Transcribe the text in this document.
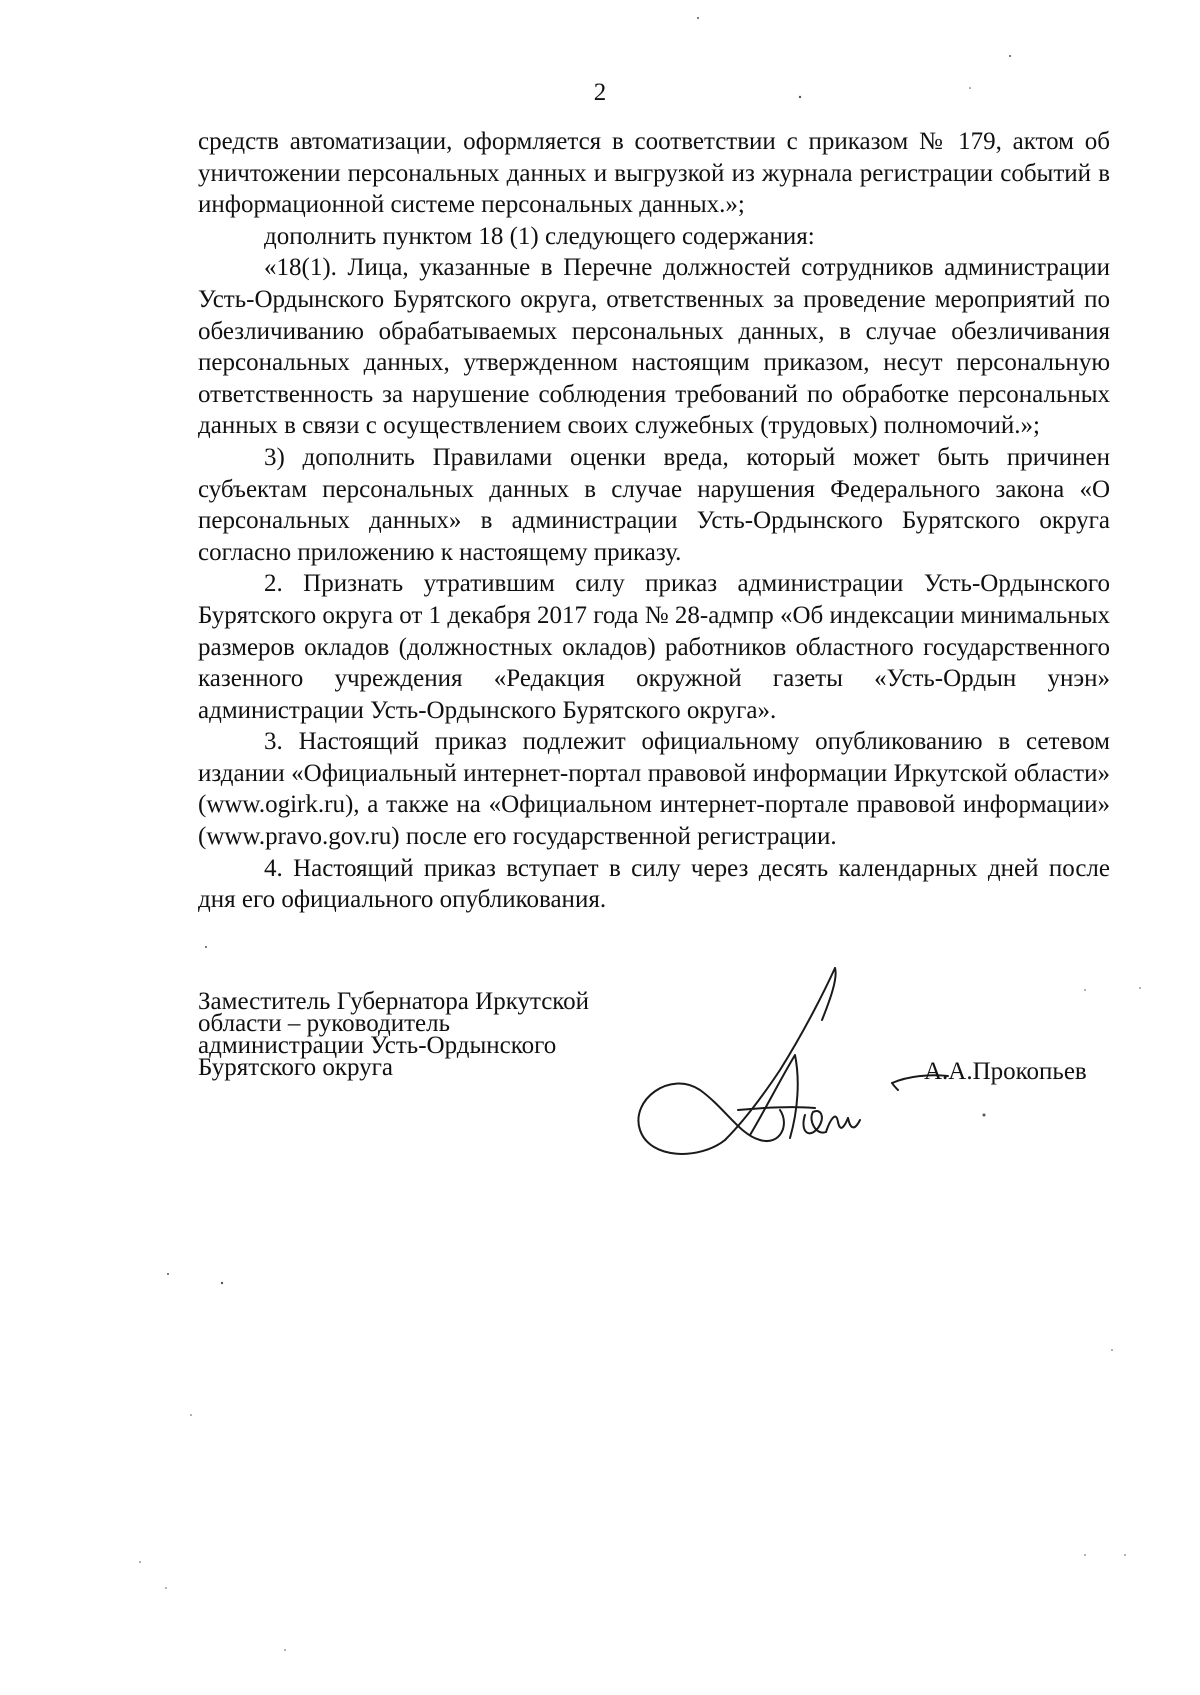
2

средств автоматизации, оформляется в соответствии с приказом № 179, актом об уничтожении персональных данных и выгрузкой из журнала регистрации событий в информационной системе персональных данных.»;

дополнить пунктом 18 (1) следующего содержания:

«18(1). Лица, указанные в Перечне должностей сотрудников администрации Усть-Ордынского Бурятского округа, ответственных за проведение мероприятий по обезличиванию обрабатываемых персональных данных, в случае обезличивания персональных данных, утвержденном настоящим приказом, несут персональную ответственность за нарушение соблюдения требований по обработке персональных данных в связи с осуществлением своих служебных (трудовых) полномочий.»;

3) дополнить Правилами оценки вреда, который может быть причинен субъектам персональных данных в случае нарушения Федерального закона «О персональных данных» в администрации Усть-Ордынского Бурятского округа согласно приложению к настоящему приказу.

2. Признать утратившим силу приказ администрации Усть-Ордынского Бурятского округа от 1 декабря 2017 года № 28-адмпр «Об индексации минимальных размеров окладов (должностных окладов) работников областного государственного казенного учреждения «Редакция окружной газеты «Усть-Ордын унэн» администрации Усть-Ордынского Бурятского округа».

3. Настоящий приказ подлежит официальному опубликованию в сетевом издании «Официальный интернет-портал правовой информации Иркутской области» (www.ogirk.ru), а также на «Официальном интернет-портале правовой информации» (www.pravo.gov.ru) после его государственной регистрации.

4. Настоящий приказ вступает в силу через десять календарных дней после дня его официального опубликования.

Заместитель Губернатора Иркутской
области – руководитель
администрации Усть-Ордынского
Бурятского округа	А.А.Прокопьев
